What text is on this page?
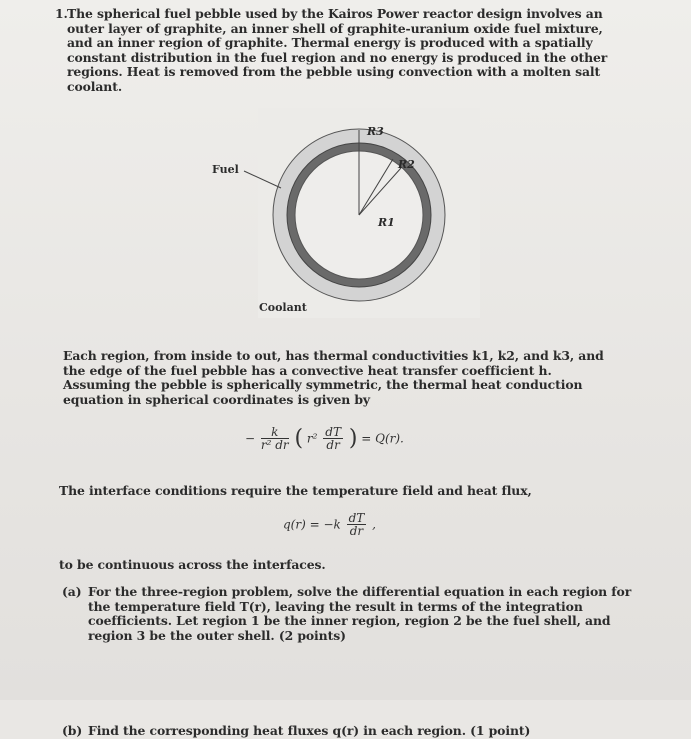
1. The spherical fuel pebble used by the Kairos Power reactor design involves an outer layer of graphite, an inner shell of graphite-uranium oxide fuel mixture, and an inner region of graphite. Thermal energy is produced with a spatially constant distribution in the fuel region and no energy is produced in the other regions. Heat is removed from the pebble using convection with a molten salt coolant.
Fuel
Coolant
R3
R2
R1
Each region, from inside to out, has thermal conductivities k1, k2, and k3, and the edge of the fuel pebble has a convective heat transfer coefficient h. Assuming the pebble is spherically symmetric, the thermal heat conduction equation in spherical coordinates is given by
− $\frac{k}{\text{r² dr}}$ ( $r^2 \frac{dT}{dr}$ ) = Q(r).
The interface conditions require the temperature field and heat flux,
$q(r) = -k \frac{dT}{dr}$ ,
to be continuous across the interfaces.
(a) For the three-region problem, solve the differential equation in each region for the temperature field T(r), leaving the result in terms of the integration coefficients. Let region 1 be the inner region, region 2 be the fuel shell, and region 3 be the outer shell. (2 points)
(b) Find the corresponding heat fluxes q(r) in each region. (1 point)
